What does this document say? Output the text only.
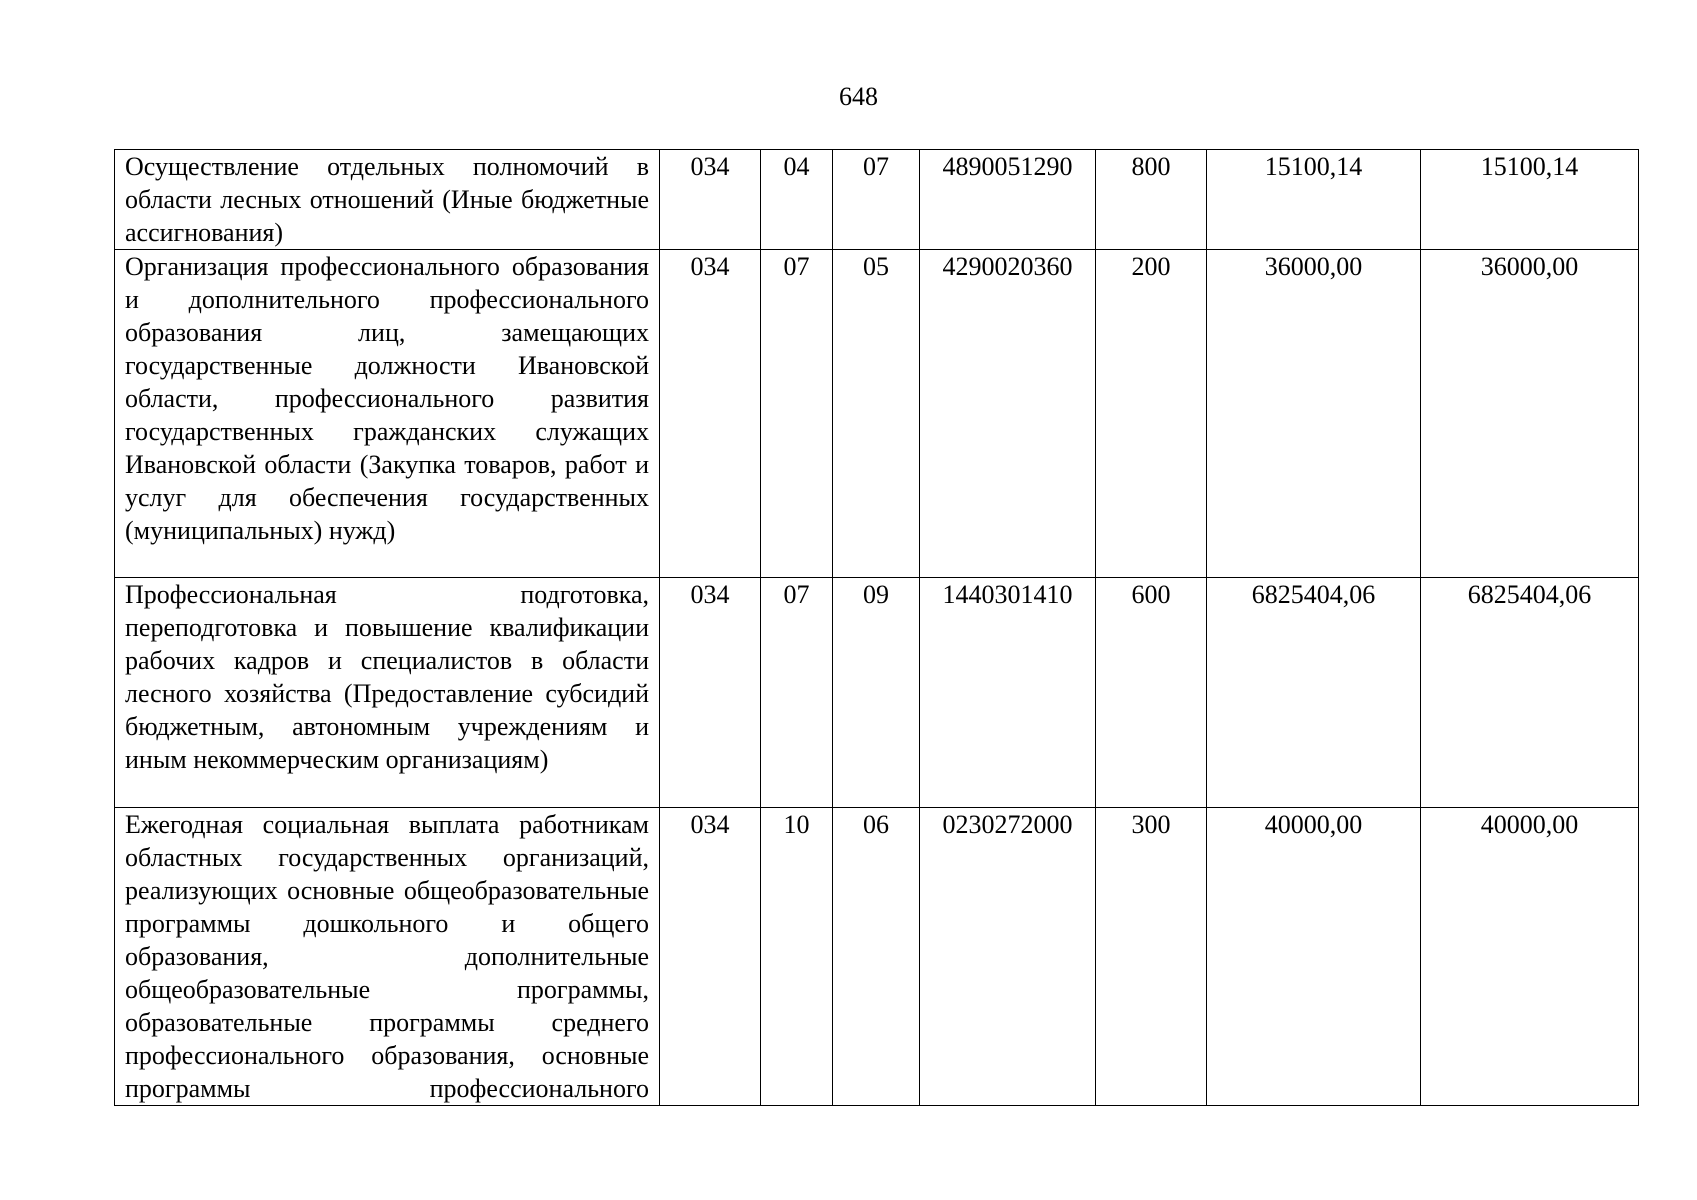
648
Осуществление отдельных полномочий в области лесных отношений (Иные бюджетные ассигнования)	034	04	07	4890051290	800	15100,14	15100,14
Организация профессионального образования и дополнительного профессионального образования лиц, замещающих государственные должности Ивановской области, профессионального развития государственных гражданских служащих Ивановской области (Закупка товаров, работ и услуг для обеспечения государственных (муниципальных) нужд)	034	07	05	4290020360	200	36000,00	36000,00
Профессиональная подготовка, переподготовка и повышение квалификации рабочих кадров и специалистов в области лесного хозяйства (Предоставление субсидий бюджетным, автономным учреждениям и иным некоммерческим организациям)	034	07	09	1440301410	600	6825404,06	6825404,06
Ежегодная социальная выплата работникам областных государственных организаций, реализующих основные общеобразовательные программы дошкольного и общего образования, дополнительные общеобразовательные программы, образовательные программы среднего профессионального образования, основные программы профессионального	034	10	06	0230272000	300	40000,00	40000,00
